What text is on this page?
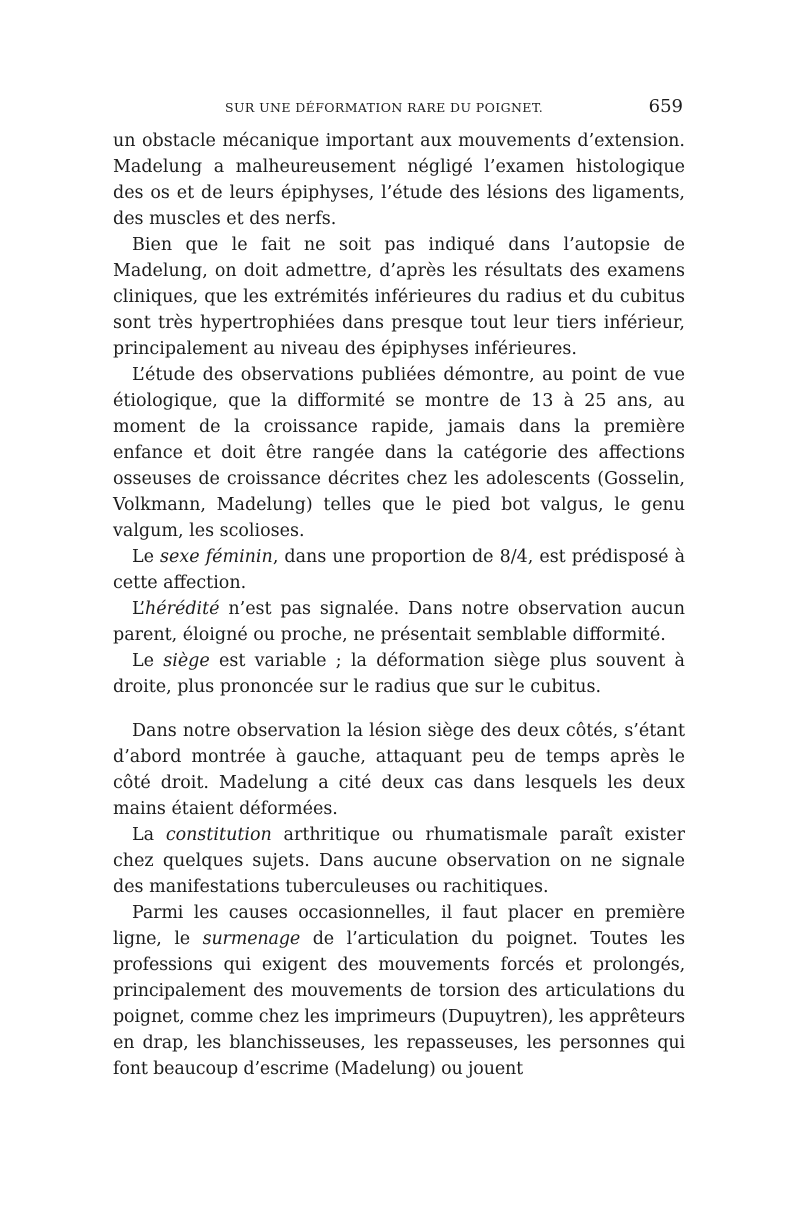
SUR UNE DÉFORMATION RARE DU POIGNET.	659

un obstacle mécanique important aux mouvements d’extension. Madelung a malheureusement négligé l’examen histologique des os et de leurs épiphyses, l’étude des lésions des ligaments, des muscles et des nerfs.

Bien que le fait ne soit pas indiqué dans l’autopsie de Madelung, on doit admettre, d’après les résultats des examens cliniques, que les extrémités inférieures du radius et du cubitus sont très hypertrophiées dans presque tout leur tiers inférieur, principalement au niveau des épiphyses inférieures.

L’étude des observations publiées démontre, au point de vue étiologique, que la difformité se montre de 13 à 25 ans, au moment de la croissance rapide, jamais dans la première enfance et doit être rangée dans la catégorie des affections osseuses de croissance décrites chez les adolescents (Gosselin, Volkmann, Madelung) telles que le pied bot valgus, le genu valgum, les scolioses.

Le sexe féminin, dans une proportion de 8/4, est prédisposé à cette affection.

L’hérédité n’est pas signalée. Dans notre observation aucun parent, éloigné ou proche, ne présentait semblable difformité.

Le siège est variable ; la déformation siège plus souvent à droite, plus prononcée sur le radius que sur le cubitus.

Dans notre observation la lésion siège des deux côtés, s’étant d’abord montrée à gauche, attaquant peu de temps après le côté droit. Madelung a cité deux cas dans lesquels les deux mains étaient déformées.

La constitution arthritique ou rhumatismale paraît exister chez quelques sujets. Dans aucune observation on ne signale des manifestations tuberculeuses ou rachitiques.

Parmi les causes occasionnelles, il faut placer en première ligne, le surmenage de l’articulation du poignet. Toutes les professions qui exigent des mouvements forcés et prolongés, principalement des mouvements de torsion des articulations du poignet, comme chez les imprimeurs (Dupuytren), les apprêteurs en drap, les blanchisseuses, les repasseuses, les personnes qui font beaucoup d’escrime (Madelung) ou jouent
